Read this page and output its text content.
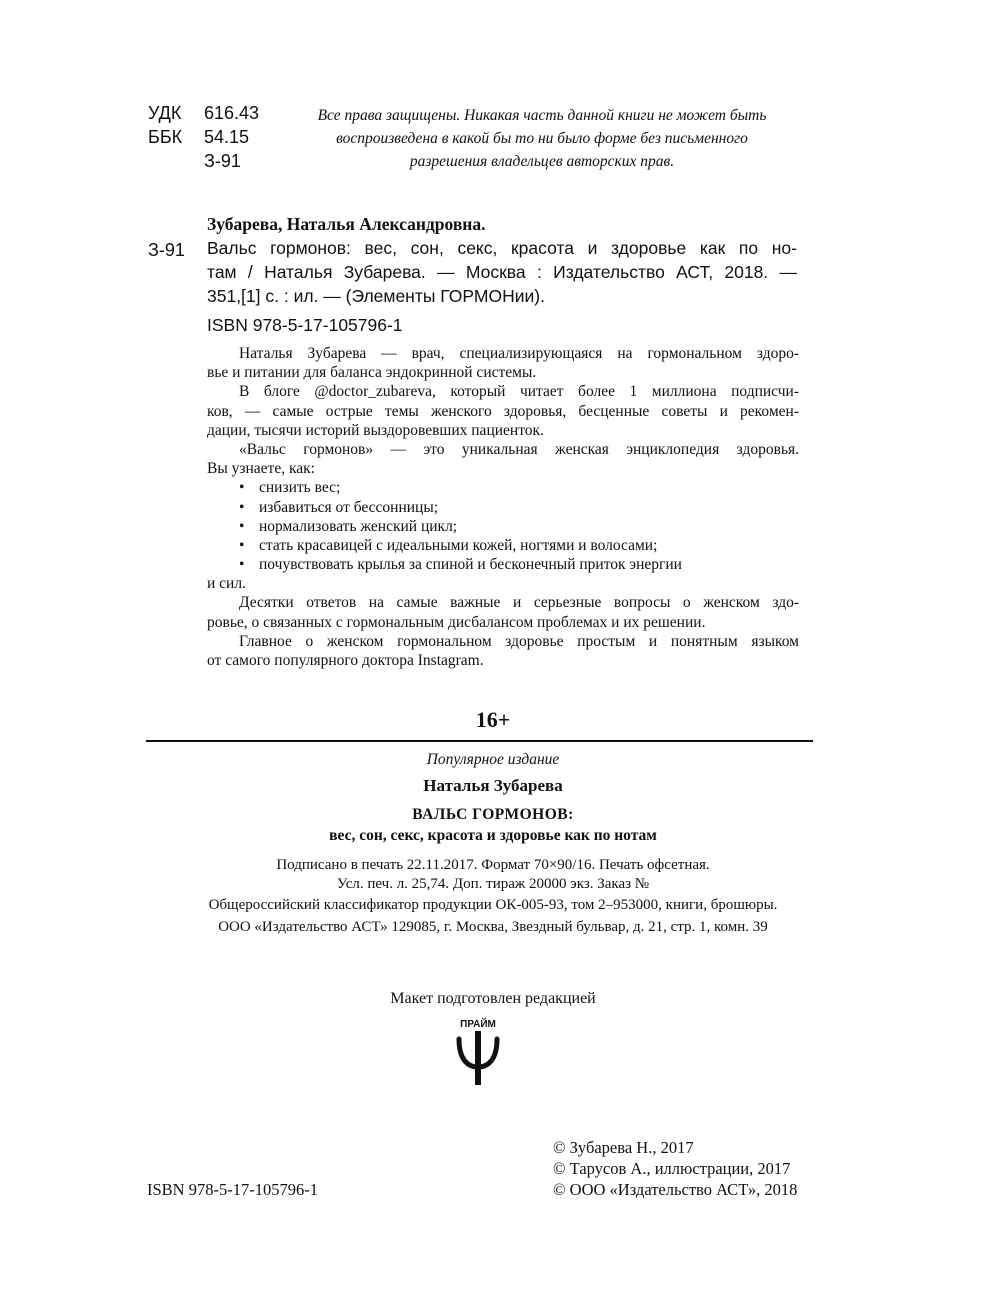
УДК 616.43
ББК 54.15
З-91
Все права защищены. Никакая часть данной книги не может быть
воспроизведена в какой бы то ни было форме без письменного
разрешения владельцев авторских прав.
Зубарева, Наталья Александровна.
З-91 Вальс гормонов: вес, сон, секс, красота и здоровье как по но-
там / Наталья Зубарева. — Москва : Издательство АСТ, 2018. —
351,[1] с. : ил. — (Элементы ГОРМОНии).
ISBN 978-5-17-105796-1
Наталья Зубарева — врач, специализирующаяся на гормональном здоро-
вье и питании для баланса эндокринной системы.
В блоге @doctor_zubareva, который читает более 1 миллиона подписчи-
ков, — самые острые темы женского здоровья, бесценные советы и рекомен-
дации, тысячи историй выздоровевших пациенток.
«Вальс гормонов» — это уникальная женская энциклопедия здоровья.
Вы узнаете, как:
• снизить вес;
• избавиться от бессонницы;
• нормализовать женский цикл;
• стать красавицей с идеальными кожей, ногтями и волосами;
• почувствовать крылья за спиной и бесконечный приток энергии
и сил.
Десятки ответов на самые важные и серьезные вопросы о женском здо-
ровье, о связанных с гормональным дисбалансом проблемах и их решении.
Главное о женском гормональном здоровье простым и понятным языком
от самого популярного доктора Instagram.
16+
Популярное издание
Наталья Зубарева
ВАЛЬС ГОРМОНОВ:
вес, сон, секс, красота и здоровье как по нотам
Подписано в печать 22.11.2017. Формат 70×90/16. Печать офсетная.
Усл. печ. л. 25,74. Доп. тираж 20000 экз. Заказ №
Общероссийский классификатор продукции ОК-005-93, том 2–953000, книги, брошюры.
ООО «Издательство АСТ» 129085, г. Москва, Звездный бульвар, д. 21, стр. 1, комн. 39
Макет подготовлен редакцией
ПРАЙМ
© Зубарева Н., 2017
© Тарусов А., иллюстрации, 2017
© ООО «Издательство АСТ», 2018
ISBN 978-5-17-105796-1
